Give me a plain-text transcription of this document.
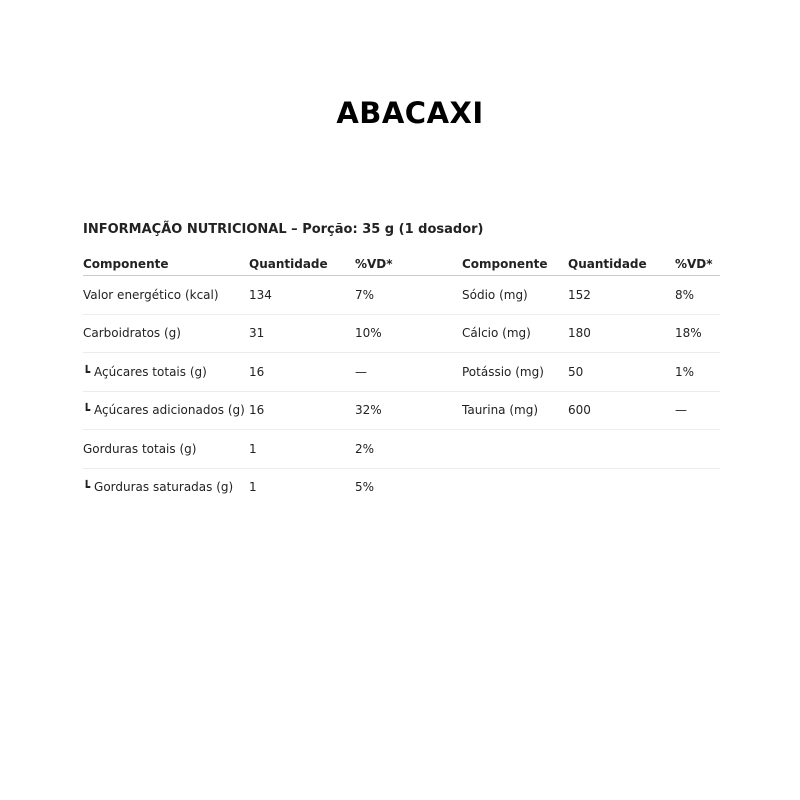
ABACAXI
INFORMAÇÃO NUTRICIONAL – Porção: 35 g (1 dosador)
Componente	Quantidade	%VD*	Componente	Quantidade	%VD*
Valor energético (kcal)	134	7%	Sódio (mg)	152	8%
Carboidratos (g)	31	10%	Cálcio (mg)	180	18%
┗ Açúcares totais (g)	16	—	Potássio (mg)	50	1%
┗ Açúcares adicionados (g) 16	32%	Taurina (mg)	600	—
Gorduras totais (g)	1	2%
┗ Gorduras saturadas (g)	1	5%
